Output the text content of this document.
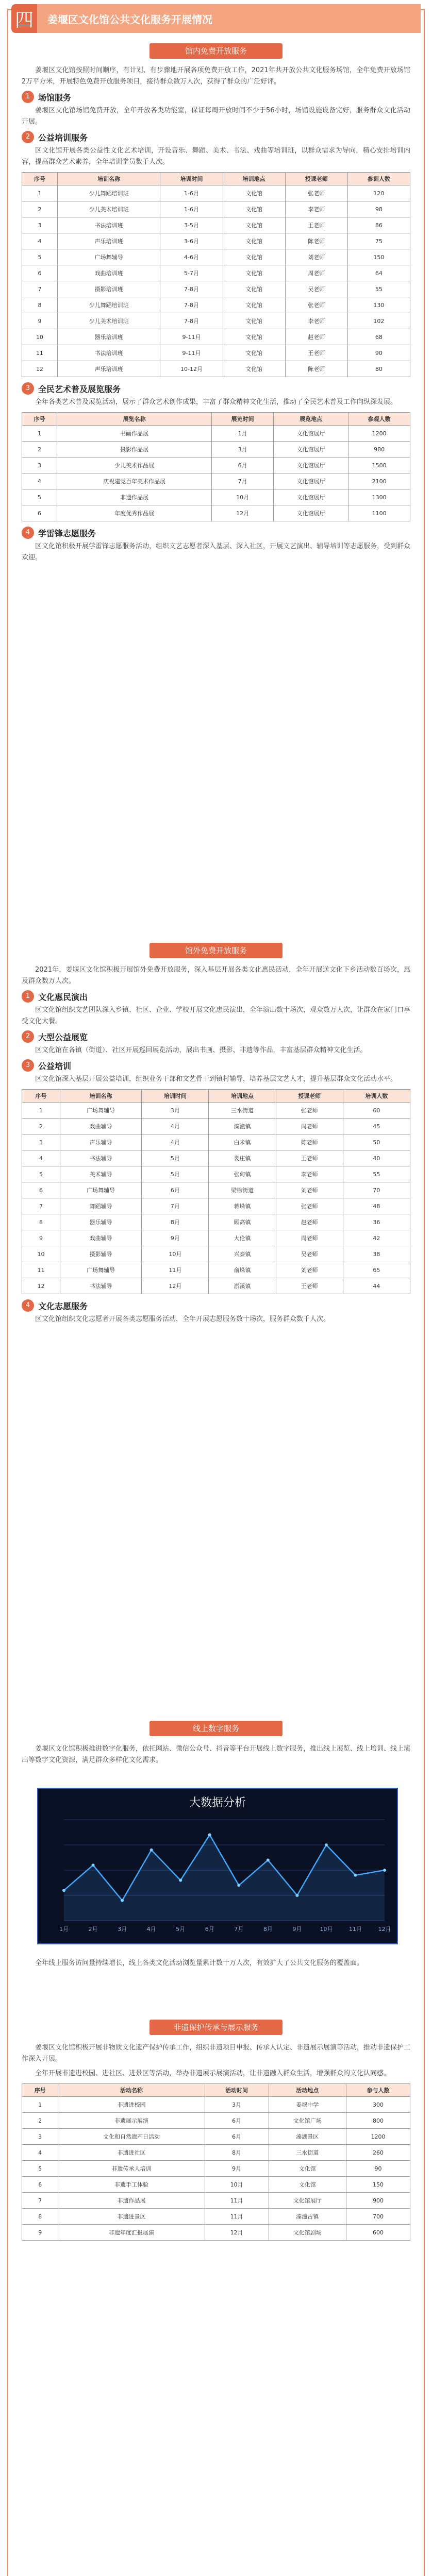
四	姜堰区文化馆公共文化服务开展情况
馆内免费开放服务

姜堰区文化馆按照时间顺序，有计划、有步骤地开展各项免费开放工作，2021年共开放公共文化服务场馆，全年免费开放场馆2万平方米，开展特色免费开放服务项目，接待群众数万人次，获得了群众的广泛好评。

1 场馆服务

姜堰区文化馆场馆免费开放，全年开放各类功能室，保证每周开放时间不少于56小时，场馆设施设备完好，服务群众文化活动开展。

2 公益培训服务

区文化馆开展各类公益性文化艺术培训，开设音乐、舞蹈、美术、书法、戏曲等培训班，以群众需求为导向，精心安排培训内容，提高群众艺术素养，全年培训学员数千人次。

序号	培训名称	培训时间	培训地点	授课老师	参训人数
1	少儿舞蹈培训班	1-6月	文化馆	张老师	120
2	少儿美术培训班	1-6月	文化馆	李老师	98
3	书法培训班	3-5月	文化馆	王老师	86
4	声乐培训班	3-6月	文化馆	陈老师	75
5	广场舞辅导	4-6月	文化馆	刘老师	150
6	戏曲培训班	5-7月	文化馆	周老师	64
7	摄影培训班	7-8月	文化馆	吴老师	55
8	少儿舞蹈培训班	7-8月	文化馆	张老师	130
9	少儿美术培训班	7-8月	文化馆	李老师	102
10	器乐培训班	9-11月	文化馆	赵老师	68
11	书法培训班	9-11月	文化馆	王老师	90
12	声乐培训班	10-12月	文化馆	陈老师	80
3 全民艺术普及展览服务

全年各类艺术普及展览活动，展示了群众艺术创作成果，丰富了群众精神文化生活，推动了全民艺术普及工作向纵深发展。

序号	展览名称	展览时间	展览地点	参观人数
1	书画作品展	1月	文化馆展厅	1200
2	摄影作品展	3月	文化馆展厅	980
3	少儿美术作品展	6月	文化馆展厅	1500
4	庆祝建党百年美术作品展	7月	文化馆展厅	2100
5	非遗作品展	10月	文化馆展厅	1300
6	年度优秀作品展	12月	文化馆展厅	1100
4 学雷锋志愿服务

区文化馆积极开展学雷锋志愿服务活动，组织文艺志愿者深入基层、深入社区，开展文艺演出、辅导培训等志愿服务，受到群众欢迎。

馆外免费开放服务

2021年，姜堰区文化馆积极开展馆外免费开放服务，深入基层开展各类文化惠民活动，全年开展送文化下乡活动数百场次，惠及群众数万人次。

1 文化惠民演出

区文化馆组织文艺团队深入乡镇、社区、企业、学校开展文化惠民演出，全年演出数十场次，观众数万人次，让群众在家门口享受文化大餐。

2 大型公益展览

区文化馆在各镇（街道）、社区开展巡回展览活动，展出书画、摄影、非遗等作品，丰富基层群众精神文化生活。

3 公益培训

区文化馆深入基层开展公益培训，组织业务干部和文艺骨干到镇村辅导，培养基层文艺人才，提升基层群众文化活动水平。

序号	培训名称	培训时间	培训地点	授课老师	培训人数
1	广场舞辅导	3月	三水街道	张老师	60
2	戏曲辅导	4月	溱潼镇	周老师	45
3	声乐辅导	4月	白米镇	陈老师	50
4	书法辅导	5月	娄庄镇	王老师	40
5	美术辅导	5月	张甸镇	李老师	55
6	广场舞辅导	6月	梁徐街道	刘老师	70
7	舞蹈辅导	7月	蒋垛镇	张老师	48
8	器乐辅导	8月	顾高镇	赵老师	36
9	戏曲辅导	9月	大伦镇	周老师	42
10	摄影辅导	10月	兴泰镇	吴老师	38
11	广场舞辅导	11月	俞垛镇	刘老师	65
12	书法辅导	12月	淤溪镇	王老师	44
4 文化志愿服务

区文化馆组织文化志愿者开展各类志愿服务活动，全年开展志愿服务数十场次，服务群众数千人次。

线上数字服务

姜堰区文化馆积极推进数字化服务，依托网站、微信公众号、抖音等平台开展线上数字服务，推出线上展览、线上培训、线上演出等数字文化资源，满足群众多样化文化需求。

大数据分析
1月	2月	3月	4月	5月	6月	7月	8月	9月	10月	11月	12月

全年线上服务访问量持续增长，线上各类文化活动浏览量累计数十万人次，有效扩大了公共文化服务的覆盖面。

非遗保护传承与展示服务

姜堰区文化馆积极开展非物质文化遗产保护传承工作，组织非遗项目申报、传承人认定、非遗展示展演等活动，推动非遗保护工作深入开展。

全年开展非遗进校园、进社区、进景区等活动，举办非遗展示展演活动，让非遗融入群众生活，增强群众的文化认同感。

序号	活动名称	活动时间	活动地点	参与人数
1	非遗进校园	3月	姜堰中学	300
2	非遗展示展演	6月	文化馆广场	800
3	文化和自然遗产日活动	6月	溱湖景区	1200
4	非遗进社区	8月	三水街道	260
5	非遗传承人培训	9月	文化馆	90
6	非遗手工体验	10月	文化馆	150
7	非遗作品展	11月	文化馆展厅	900
8	非遗进景区	11月	溱潼古镇	700
9	非遗年度汇报展演	12月	文化馆剧场	600
